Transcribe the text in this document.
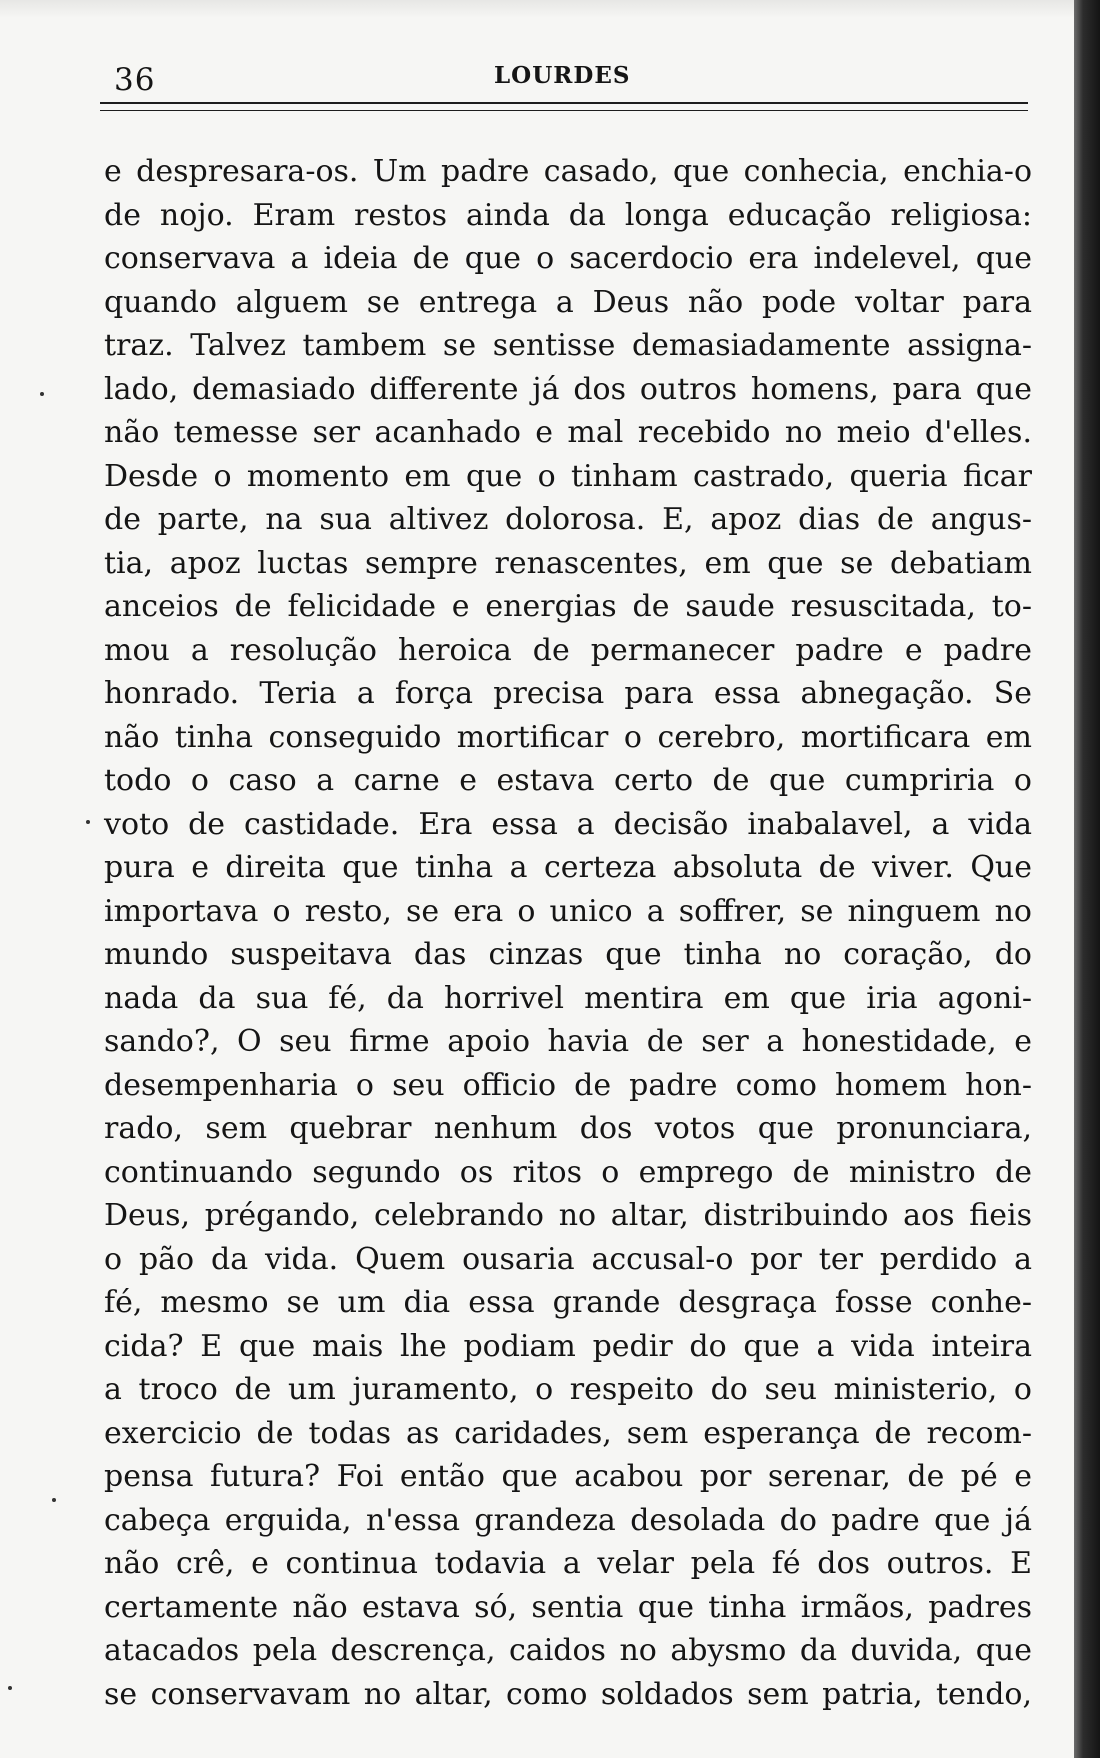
36	LOURDES
e despresara-os. Um padre casado, que conhecia, enchia-o
de nojo. Eram restos ainda da longa educação religiosa:
conservava a ideia de que o sacerdocio era indelevel, que
quando alguem se entrega a Deus não pode voltar para
traz. Talvez tambem se sentisse demasiadamente assigna-
lado, demasiado differente já dos outros homens, para que
não temesse ser acanhado e mal recebido no meio d'elles.
Desde o momento em que o tinham castrado, queria ficar
de parte, na sua altivez dolorosa. E, apoz dias de angus-
tia, apoz luctas sempre renascentes, em que se debatiam
anceios de felicidade e energias de saude resuscitada, to-
mou a resolução heroica de permanecer padre e padre
honrado. Teria a força precisa para essa abnegação. Se
não tinha conseguido mortificar o cerebro, mortificara em
todo o caso a carne e estava certo de que cumpriria o
voto de castidade. Era essa a decisão inabalavel, a vida
pura e direita que tinha a certeza absoluta de viver. Que
importava o resto, se era o unico a soffrer, se ninguem no
mundo suspeitava das cinzas que tinha no coração, do
nada da sua fé, da horrivel mentira em que iria agoni-
sando?, O seu firme apoio havia de ser a honestidade, e
desempenharia o seu officio de padre como homem hon-
rado, sem quebrar nenhum dos votos que pronunciara,
continuando segundo os ritos o emprego de ministro de
Deus, prégando, celebrando no altar, distribuindo aos fieis
o pão da vida. Quem ousaria accusal-o por ter perdido a
fé, mesmo se um dia essa grande desgraça fosse conhe-
cida? E que mais lhe podiam pedir do que a vida inteira
a troco de um juramento, o respeito do seu ministerio, o
exercicio de todas as caridades, sem esperança de recom-
pensa futura? Foi então que acabou por serenar, de pé e
cabeça erguida, n'essa grandeza desolada do padre que já
não crê, e continua todavia a velar pela fé dos outros. E
certamente não estava só, sentia que tinha irmãos, padres
atacados pela descrença, caidos no abysmo da duvida, que
se conservavam no altar, como soldados sem patria, tendo,
